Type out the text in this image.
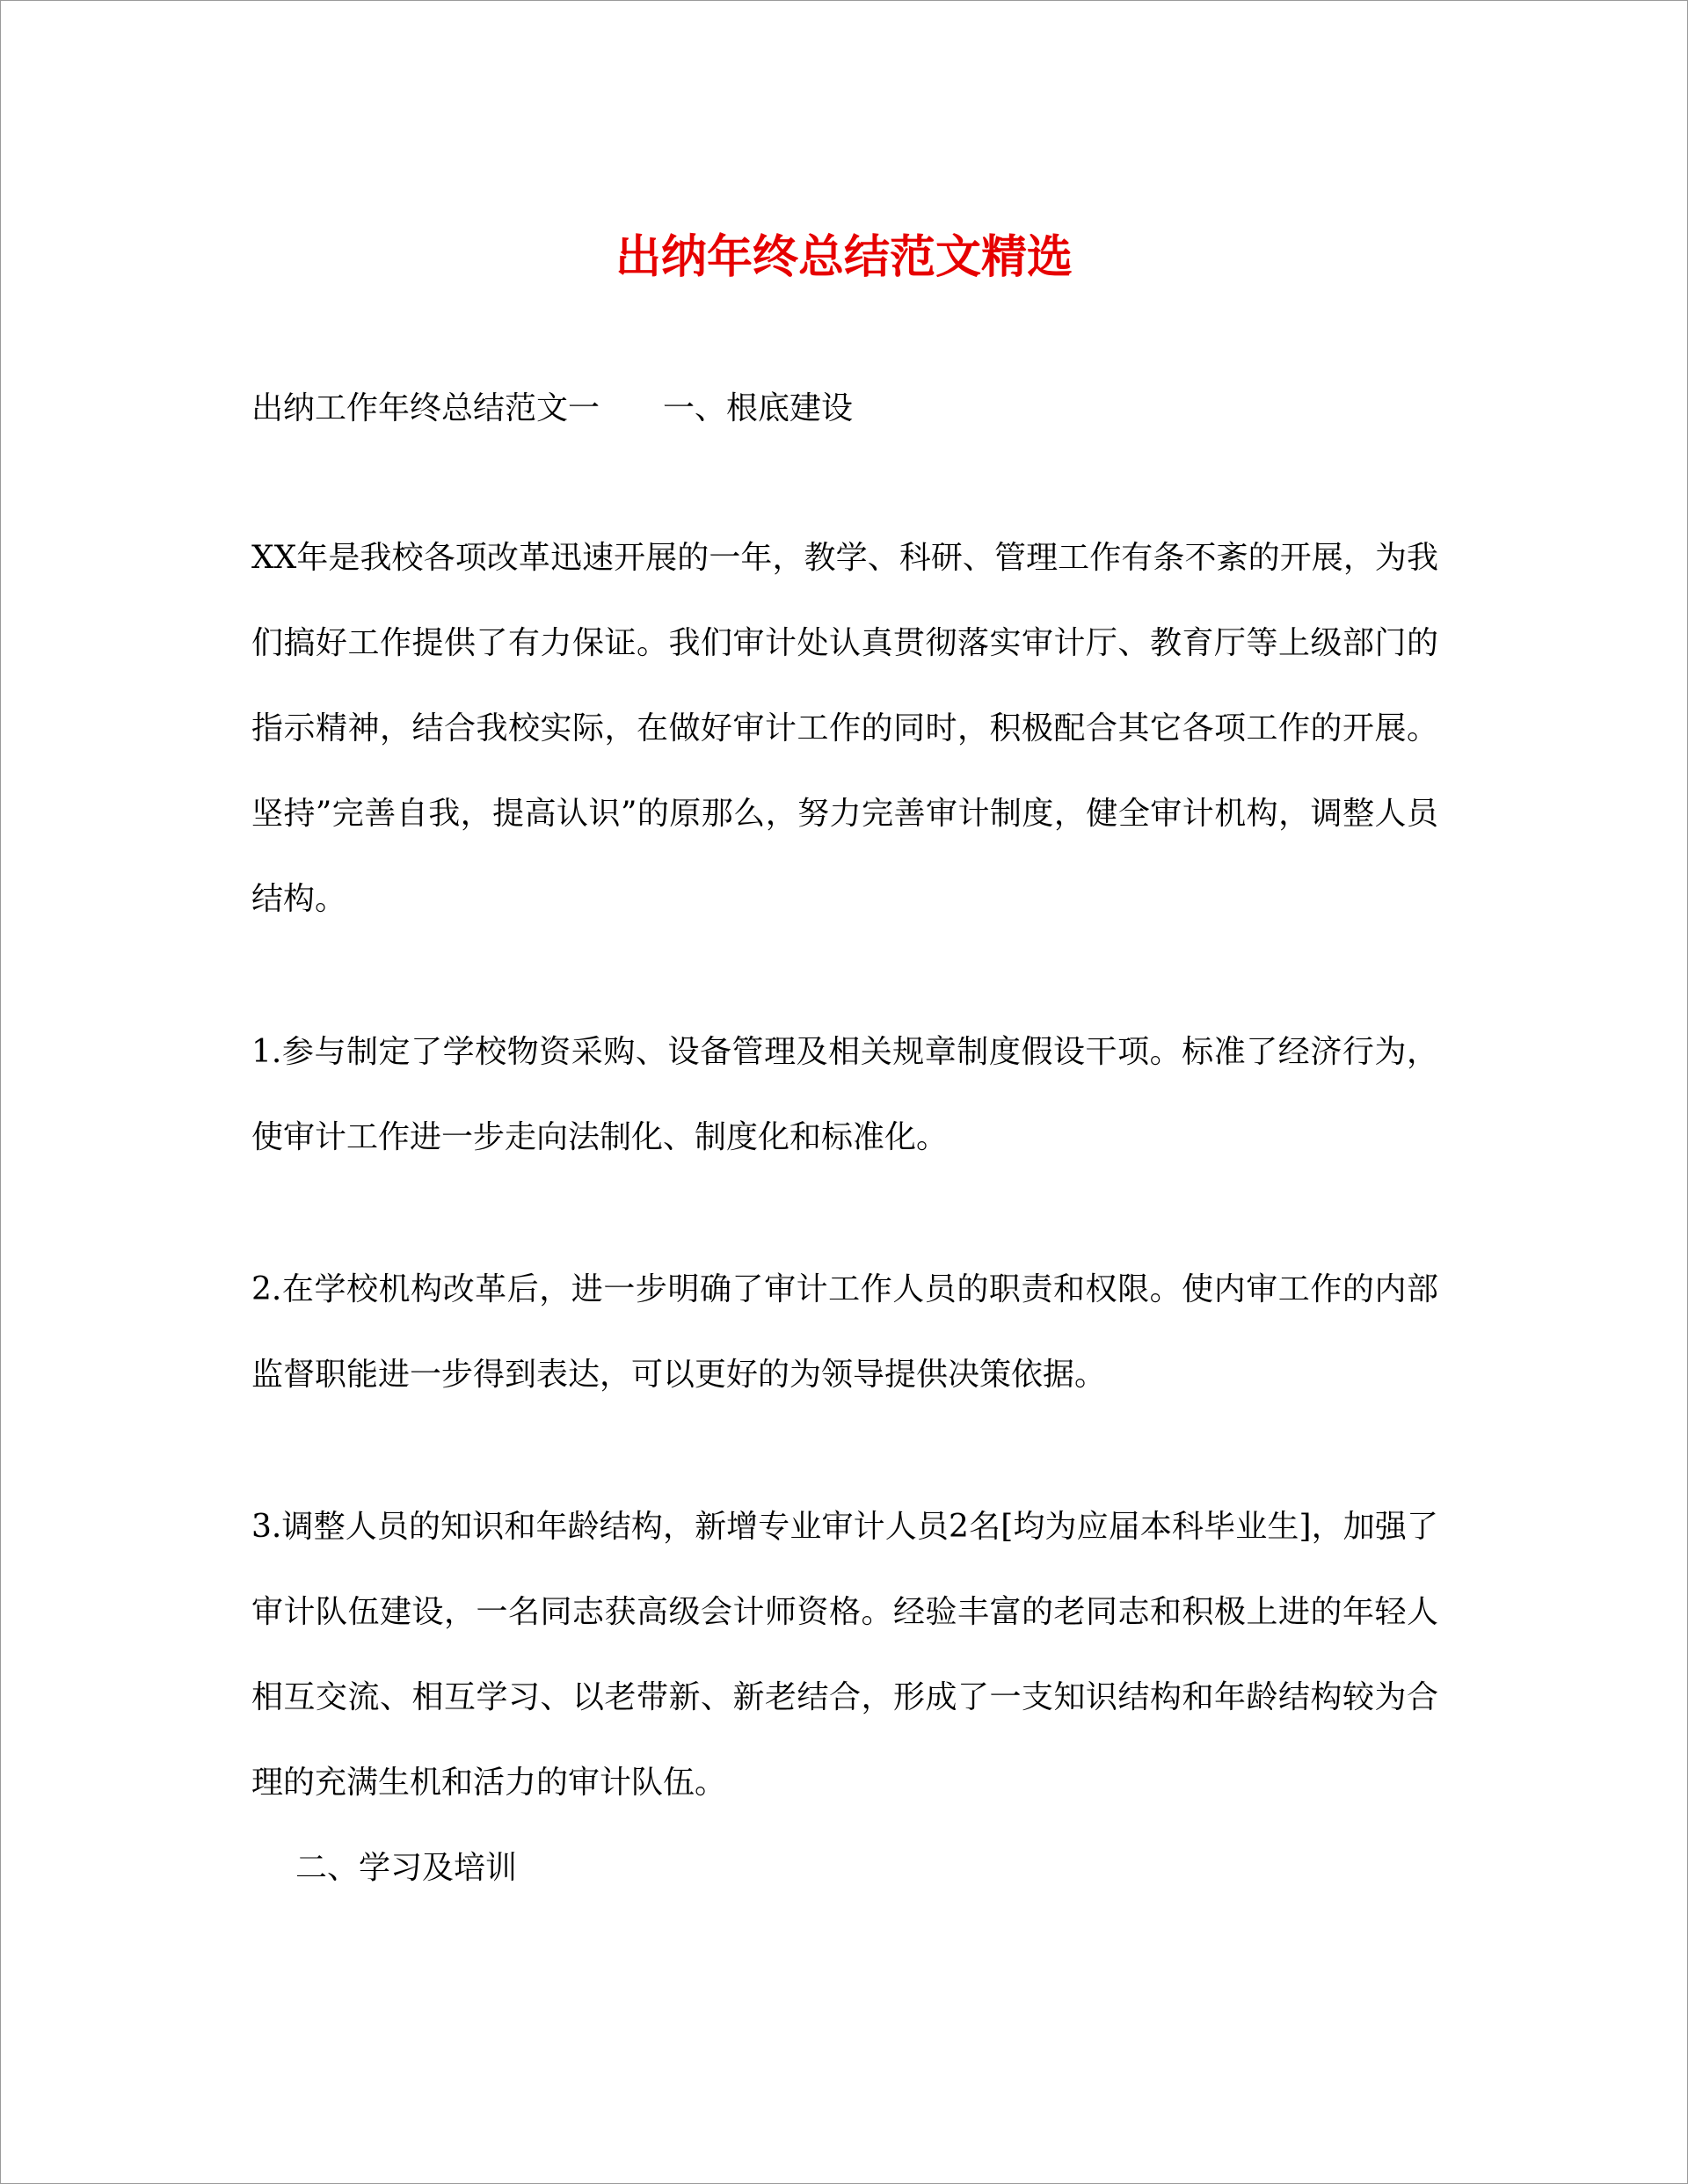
出纳年终总结范文精选
出纳工作年终总结范文一　　一、根底建设

XX年是我校各项改革迅速开展的一年，教学、科研、管理工作有条不紊的开展，为我们搞好工作提供了有力保证。我们审计处认真贯彻落实审计厅、教育厅等上级部门的指示精神，结合我校实际，在做好审计工作的同时，积极配合其它各项工作的开展。坚持”完善自我，提高认识”的原那么，努力完善审计制度，健全审计机构，调整人员结构。

1.参与制定了学校物资采购、设备管理及相关规章制度假设干项。标准了经济行为，使审计工作进一步走向法制化、制度化和标准化。

2.在学校机构改革后，进一步明确了审计工作人员的职责和权限。使内审工作的内部监督职能进一步得到表达，可以更好的为领导提供决策依据。

3.调整人员的知识和年龄结构，新增专业审计人员2名[均为应届本科毕业生]，加强了审计队伍建设，一名同志获高级会计师资格。经验丰富的老同志和积极上进的年轻人相互交流、相互学习、以老带新、新老结合，形成了一支知识结构和年龄结构较为合理的充满生机和活力的审计队伍。

二、学习及培训
